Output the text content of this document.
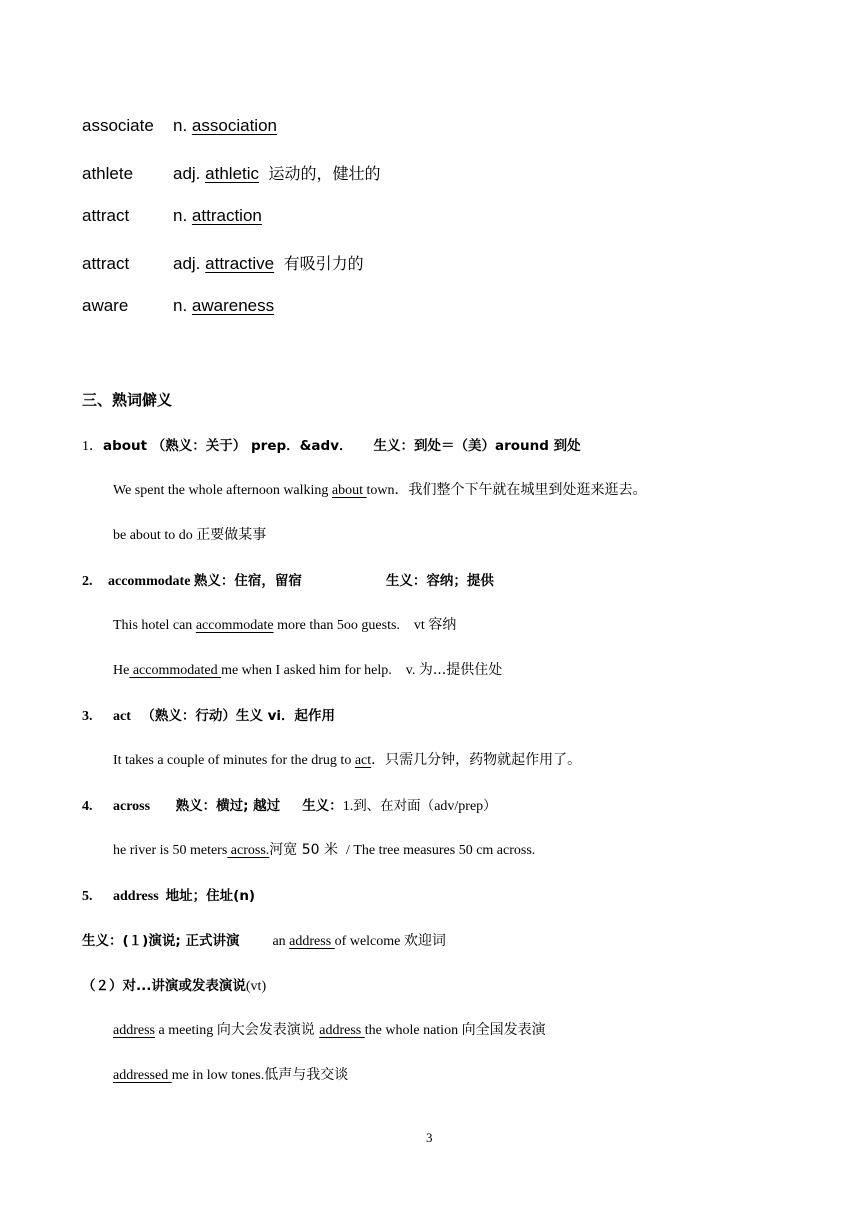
associate n. association
athlete adj. athletic 运动的，健壮的
attract	n. attraction
attract	adj. attractive 有吸引力的
aware	n. awareness
三、熟词僻义
1．about （熟义：关于） prep．&adv． 生义：到处＝（美）around 到处
We spent the whole afternoon walking about town．我们整个下午就在城里到处逛来逛去。
be about to do 正要做某事
2. accommodate 熟义：住宿，留宿	生义：容纳；提供
This hotel can accommodate more than 5oo guests.    vt 容纳
He accommodated me when I asked him for help.    v. 为...提供住处
3. act   （熟义：行动）生义 vi．起作用
It takes a couple of minutes for the drug to act．只需几分钟，药物就起作用了。
4. across 熟义：横过; 越过 生义：1.到、在对面（adv/prep）
he river is 50 meters across.河宽 50 米  / The tree measures 50 cm across.
5. address  地址；住址(n)
生义：(１)演说; 正式讲演 an address of welcome 欢迎词
（２）对...讲演或发表演说(vt)
address a meeting 向大会发表演说 address the whole nation 向全国发表演
addressed me in low tones.低声与我交谈
3
